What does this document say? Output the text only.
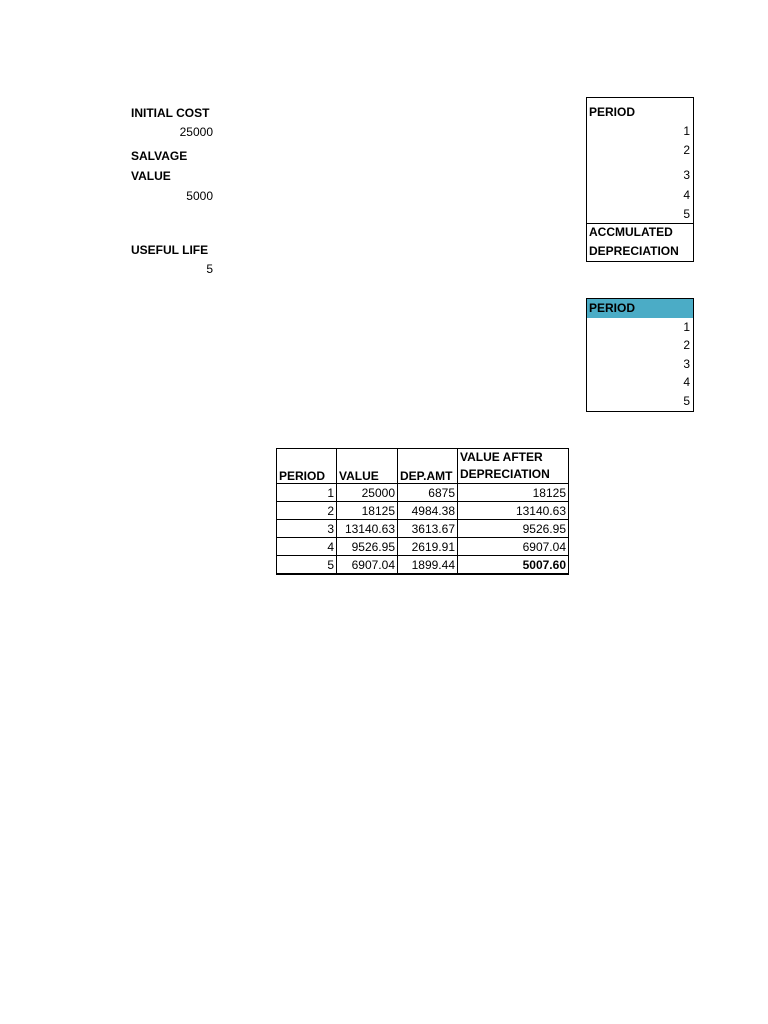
INITIAL COST
25000
SALVAGE
VALUE
5000
USEFUL LIFE
5
PERIOD
1
2
3
4
5
ACCMULATED
DEPRECIATION
PERIOD
1
2
3
4
5
PERIOD	VALUE	DEP.AMT	VALUE AFTER
DEPRECIATION

1	25000	6875	18125
2	18125	4984.38	13140.63
3	13140.63	3613.67	9526.95
4	9526.95	2619.91	6907.04
5	6907.04	1899.44	5007.60
